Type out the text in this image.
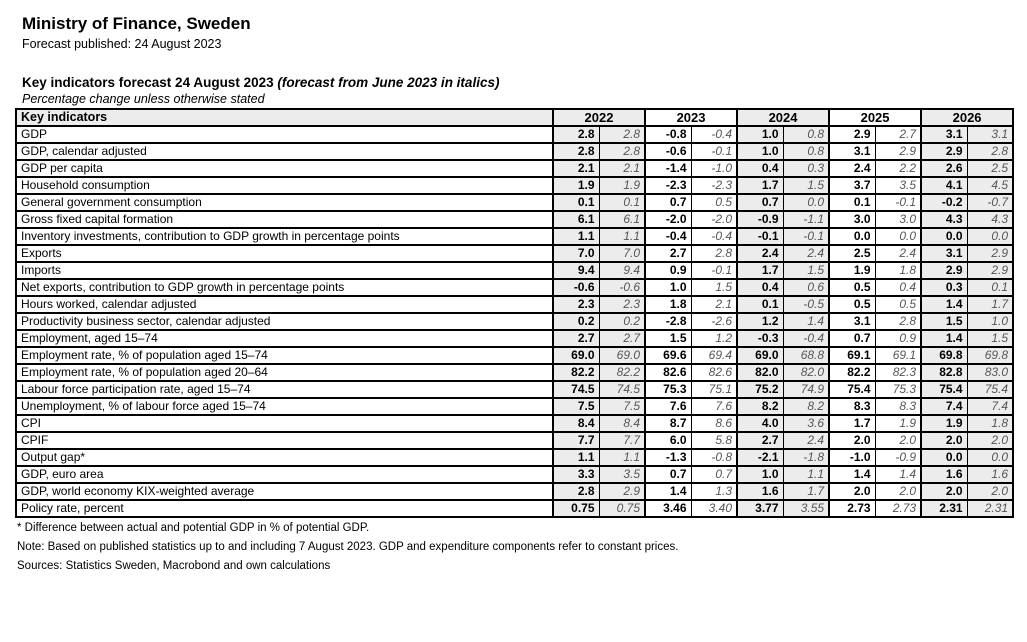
Ministry of Finance, Sweden
Forecast published: 24 August 2023
Key indicators forecast 24 August 2023 (forecast from June 2023 in italics)
Percentage change unless otherwise stated
Key indicators	2022		2023		2024		2025		2026	
GDP	2.8	2.8	-0.8	-0.4	1.0	0.8	2.9	2.7	3.1	3.1
GDP, calendar adjusted	2.8	2.8	-0.6	-0.1	1.0	0.8	3.1	2.9	2.9	2.8
GDP per capita	2.1	2.1	-1.4	-1.0	0.4	0.3	2.4	2.2	2.6	2.5
Household consumption	1.9	1.9	-2.3	-2.3	1.7	1.5	3.7	3.5	4.1	4.5
General government consumption	0.1	0.1	0.7	0.5	0.7	0.0	0.1	-0.1	-0.2	-0.7
Gross fixed capital formation	6.1	6.1	-2.0	-2.0	-0.9	-1.1	3.0	3.0	4.3	4.3
Inventory investments, contribution to GDP growth in percentage points	1.1	1.1	-0.4	-0.4	-0.1	-0.1	0.0	0.0	0.0	0.0
Exports	7.0	7.0	2.7	2.8	2.4	2.4	2.5	2.4	3.1	2.9
Imports	9.4	9.4	0.9	-0.1	1.7	1.5	1.9	1.8	2.9	2.9
Net exports, contribution to GDP growth in percentage points	-0.6	-0.6	1.0	1.5	0.4	0.6	0.5	0.4	0.3	0.1
Hours worked, calendar adjusted	2.3	2.3	1.8	2.1	0.1	-0.5	0.5	0.5	1.4	1.7
Productivity business sector, calendar adjusted	0.2	0.2	-2.8	-2.6	1.2	1.4	3.1	2.8	1.5	1.0
Employment, aged 15–74	2.7	2.7	1.5	1.2	-0.3	-0.4	0.7	0.9	1.4	1.5
Employment rate, % of population aged 15–74	69.0	69.0	69.6	69.4	69.0	68.8	69.1	69.1	69.8	69.8
Employment rate, % of population aged 20–64	82.2	82.2	82.6	82.6	82.0	82.0	82.2	82.3	82.8	83.0
Labour force participation rate, aged 15–74	74.5	74.5	75.3	75.1	75.2	74.9	75.4	75.3	75.4	75.4
Unemployment, % of labour force aged 15–74	7.5	7.5	7.6	7.6	8.2	8.2	8.3	8.3	7.4	7.4
CPI	8.4	8.4	8.7	8.6	4.0	3.6	1.7	1.9	1.9	1.8
CPIF	7.7	7.7	6.0	5.8	2.7	2.4	2.0	2.0	2.0	2.0
Output gap*	1.1	1.1	-1.3	-0.8	-2.1	-1.8	-1.0	-0.9	0.0	0.0
GDP, euro area	3.3	3.5	0.7	0.7	1.0	1.1	1.4	1.4	1.6	1.6
GDP, world economy KIX-weighted average	2.8	2.9	1.4	1.3	1.6	1.7	2.0	2.0	2.0	2.0
Policy rate, percent	0.75	0.75	3.46	3.40	3.77	3.55	2.73	2.73	2.31	2.31

* Difference between actual and potential GDP in % of potential GDP.

Note: Based on published statistics up to and including 7 August 2023. GDP and expenditure components refer to constant prices.

Sources: Statistics Sweden, Macrobond and own calculations
